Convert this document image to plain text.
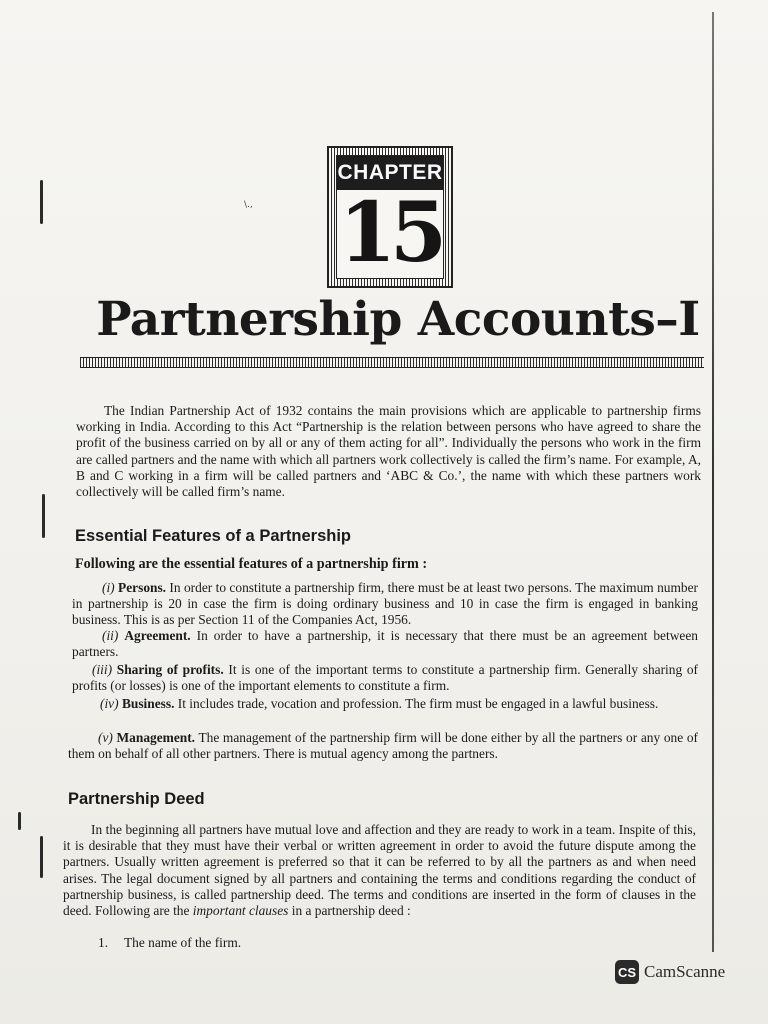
\.,
CHAPTER
15
Partnership Accounts–I

The Indian Partnership Act of 1932 contains the main provisions which are applicable to partnership firms working in India. According to this Act “Partnership is the relation between persons who have agreed to share the profit of the business carried on by all or any of them acting for all”. Individually the persons who work in the firm are called partners and the name with which all partners work collectively is called the firm’s name. For example, A, B and C working in a firm will be called partners and ‘ABC & Co.’, the name with which these partners work collectively will be called firm’s name.

Essential Features of a Partnership
Following are the essential features of a partnership firm :

(i) Persons. In order to constitute a partnership firm, there must be at least two persons. The maximum number in partnership is 20 in case the firm is doing ordinary business and 10 in case the firm is engaged in banking business. This is as per Section 11 of the Companies Act, 1956.

(ii) Agreement. In order to have a partnership, it is necessary that there must be an agreement between partners.

(iii) Sharing of profits. It is one of the important terms to constitute a partnership firm. Generally sharing of profits (or losses) is one of the important elements to constitute a firm.

(iv) Business. It includes trade, vocation and profession. The firm must be engaged in a lawful business.

(v) Management. The management of the partnership firm will be done either by all the partners or any one of them on behalf of all other partners. There is mutual agency among the partners.

Partnership Deed

In the beginning all partners have mutual love and affection and they are ready to work in a team. Inspite of this, it is desirable that they must have their verbal or written agreement in order to avoid the future dispute among the partners. Usually written agreement is preferred so that it can be referred to by all the partners as and when need arises. The legal document signed by all partners and containing the terms and conditions regarding the conduct of partnership business, is called partnership deed. The terms and conditions are inserted in the form of clauses in the deed. Following are the important clauses in a partnership deed :

1. The name of the firm.
CS CamScanne
